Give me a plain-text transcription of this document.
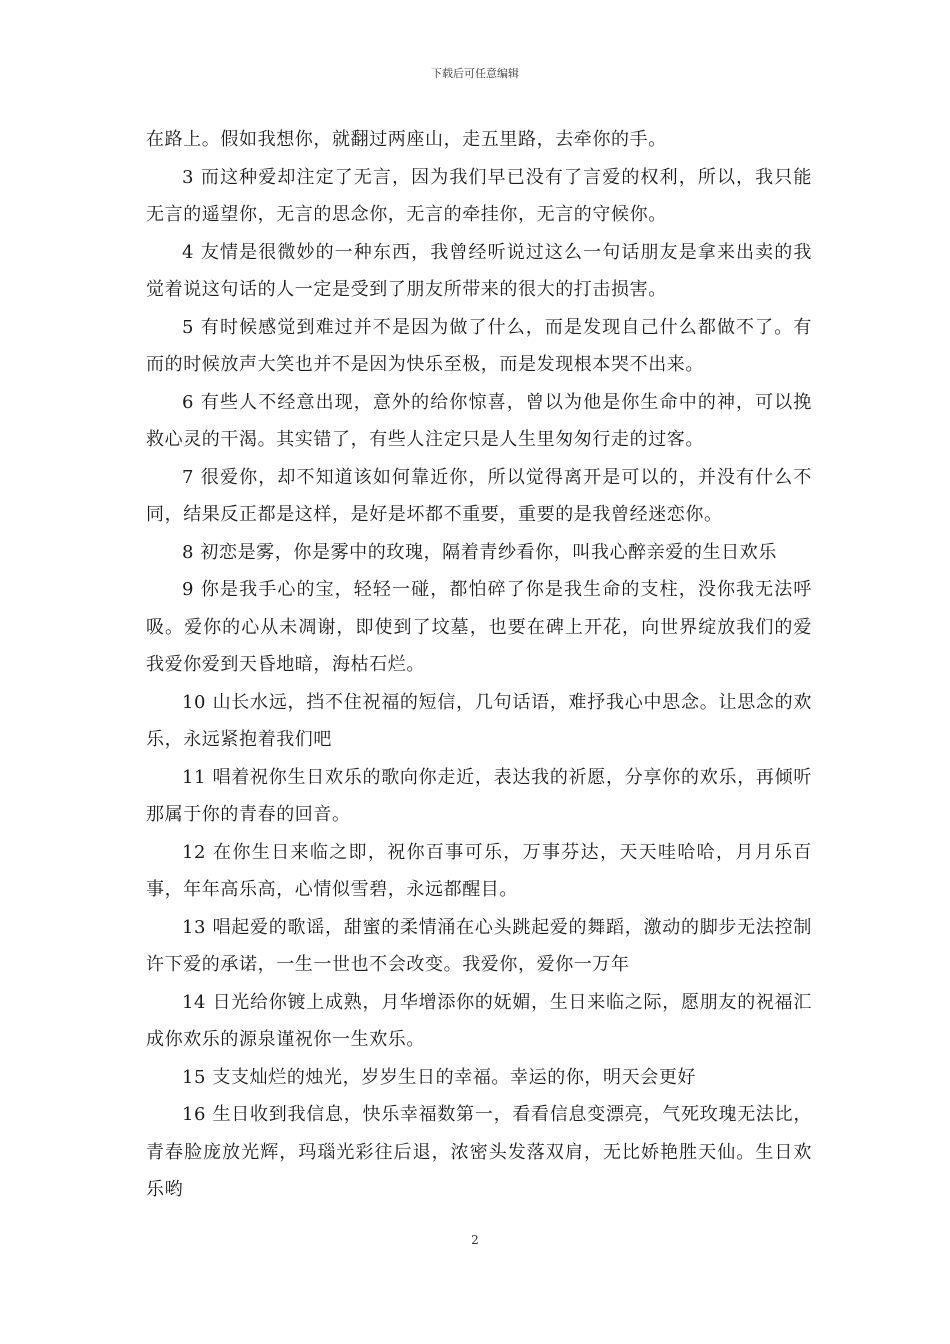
下载后可任意编辑

在路上。假如我想你，就翻过两座山，走五里路，去牵你的手。

3 而这种爱却注定了无言，因为我们早已没有了言爱的权利，所以，我只能无言的遥望你，无言的思念你，无言的牵挂你，无言的守候你。

4 友情是很微妙的一种东西，我曾经听说过这么一句话朋友是拿来出卖的我觉着说这句话的人一定是受到了朋友所带来的很大的打击损害。

5 有时候感觉到难过并不是因为做了什么，而是发现自己什么都做不了。有而的时候放声大笑也并不是因为快乐至极，而是发现根本哭不出来。

6 有些人不经意出现，意外的给你惊喜，曾以为他是你生命中的神，可以挽救心灵的干渴。其实错了，有些人注定只是人生里匆匆行走的过客。

7 很爱你，却不知道该如何靠近你，所以觉得离开是可以的，并没有什么不同，结果反正都是这样，是好是坏都不重要，重要的是我曾经迷恋你。

8 初恋是雾，你是雾中的玫瑰，隔着青纱看你，叫我心醉亲爱的生日欢乐

9 你是我手心的宝，轻轻一碰，都怕碎了你是我生命的支柱，没你我无法呼吸。爱你的心从未凋谢，即使到了坟墓，也要在碑上开花，向世界绽放我们的爱我爱你爱到天昏地暗，海枯石烂。

10 山长水远，挡不住祝福的短信，几句话语，难抒我心中思念。让思念的欢乐，永远紧抱着我们吧

11 唱着祝你生日欢乐的歌向你走近，表达我的祈愿，分享你的欢乐，再倾听那属于你的青春的回音。

12 在你生日来临之即，祝你百事可乐，万事芬达，天天哇哈哈，月月乐百事，年年高乐高，心情似雪碧，永远都醒目。

13 唱起爱的歌谣，甜蜜的柔情涌在心头跳起爱的舞蹈，激动的脚步无法控制许下爱的承诺，一生一世也不会改变。我爱你，爱你一万年

14 日光给你镀上成熟，月华增添你的妩媚，生日来临之际，愿朋友的祝福汇成你欢乐的源泉谨祝你一生欢乐。

15 支支灿烂的烛光，岁岁生日的幸福。幸运的你，明天会更好

16 生日收到我信息，快乐幸福数第一，看看信息变漂亮，气死玫瑰无法比，青春脸庞放光辉，玛瑙光彩往后退，浓密头发落双肩，无比娇艳胜天仙。生日欢乐哟

2
